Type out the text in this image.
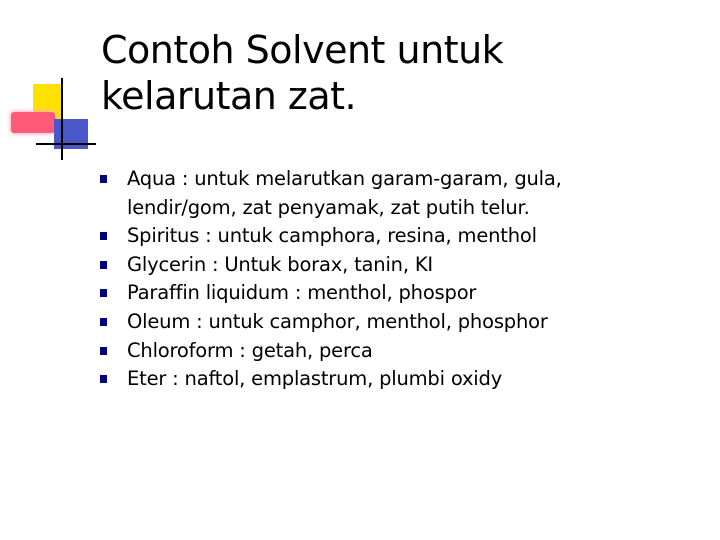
Contoh Solvent untuk kelarutan zat.
Aqua : untuk melarutkan garam-garam, gula, lendir/gom, zat penyamak, zat putih telur.
Spiritus : untuk camphora, resina, menthol
Glycerin : Untuk borax, tanin, KI
Paraffin liquidum : menthol, phospor
Oleum : untuk camphor, menthol, phosphor
Chloroform : getah, perca
Eter : naftol, emplastrum, plumbi oxidy
